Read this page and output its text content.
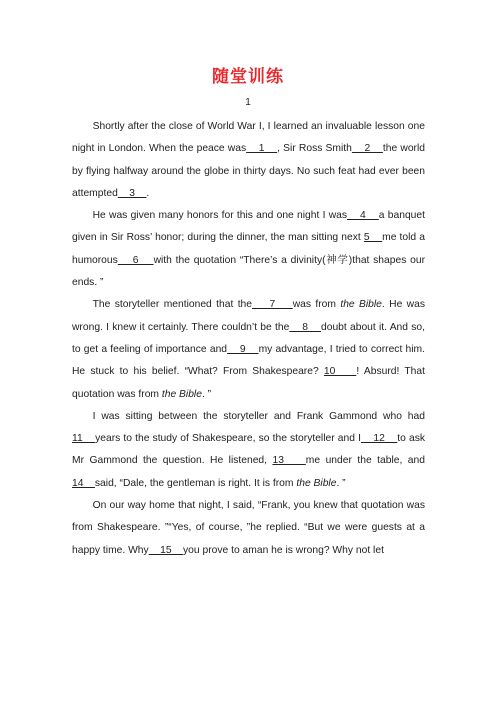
随堂训练
1

Shortly after the close of World War I, I learned an invaluable lesson one night in London. When the peace was    1    , Sir Ross Smith    2    the world by flying halfway around the globe in thirty days. No such feat had ever been attempted    3    .

He was given many honors for this and one night I was    4    a banquet given in Sir Ross’ honor; during the dinner, the man sitting next 5    me told a humorous    6    with the quotation “There’s a divinity(神学)that shapes our ends. ”

The storyteller mentioned that the    7    was from the Bible. He was wrong. I knew it certainly. There couldn’t be the    8    doubt about it. And so, to get a feeling of importance and    9    my advantage, I tried to correct him. He stuck to his belief. “What? From Shakespeare? 10    ! Absurd! That quotation was from the Bible. ”

I was sitting between the storyteller and Frank Gammond who had 11    years to the study of Shakespeare, so the storyteller and I    12    to ask Mr Gammond the question. He listened, 13    me under the table, and 14    said, “Dale, the gentleman is right. It is from the Bible. ”

On our way home that night, I said, “Frank, you knew that quotation was from Shakespeare. ”“Yes, of course, ”he replied. “But we were guests at a happy time. Why    15    you prove to aman he is wrong? Why not let
